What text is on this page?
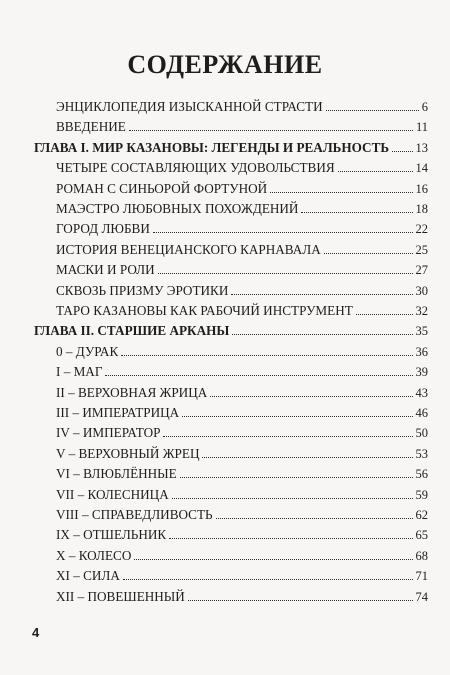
СОДЕРЖАНИЕ
ЭНЦИКЛОПЕДИЯ ИЗЫСКАННОЙ СТРАСТИ	6
ВВЕДЕНИЕ	11
ГЛАВА I. МИР КАЗАНОВЫ: ЛЕГЕНДЫ И РЕАЛЬНОСТЬ 13
ЧЕТЫРЕ СОСТАВЛЯЮЩИХ УДОВОЛЬСТВИЯ	14
РОМАН С СИНЬОРОЙ ФОРТУНОЙ	16
МАЭСТРО ЛЮБОВНЫХ ПОХОЖДЕНИЙ	18
ГОРОД ЛЮБВИ	22
ИСТОРИЯ ВЕНЕЦИАНСКОГО КАРНАВАЛА	25
МАСКИ И РОЛИ	27
СКВОЗЬ ПРИЗМУ ЭРОТИКИ	30
ТАРО КАЗАНОВЫ КАК РАБОЧИЙ ИНСТРУМЕНТ	32
ГЛАВА II. СТАРШИЕ АРКАНЫ	35
0 – ДУРАК	36
I – МАГ	39
II – ВЕРХОВНАЯ ЖРИЦА	43
III – ИМПЕРАТРИЦА	46
IV – ИМПЕРАТОР	50
V – ВЕРХОВНЫЙ ЖРЕЦ	53
VI – ВЛЮБЛЁННЫЕ	56
VII – КОЛЕСНИЦА	59
VIII – СПРАВЕДЛИВОСТЬ	62
IX – ОТШЕЛЬНИК	65
X – КОЛЕСО	68
XI – СИЛА	71
XII – ПОВЕШЕННЫЙ	74
4
